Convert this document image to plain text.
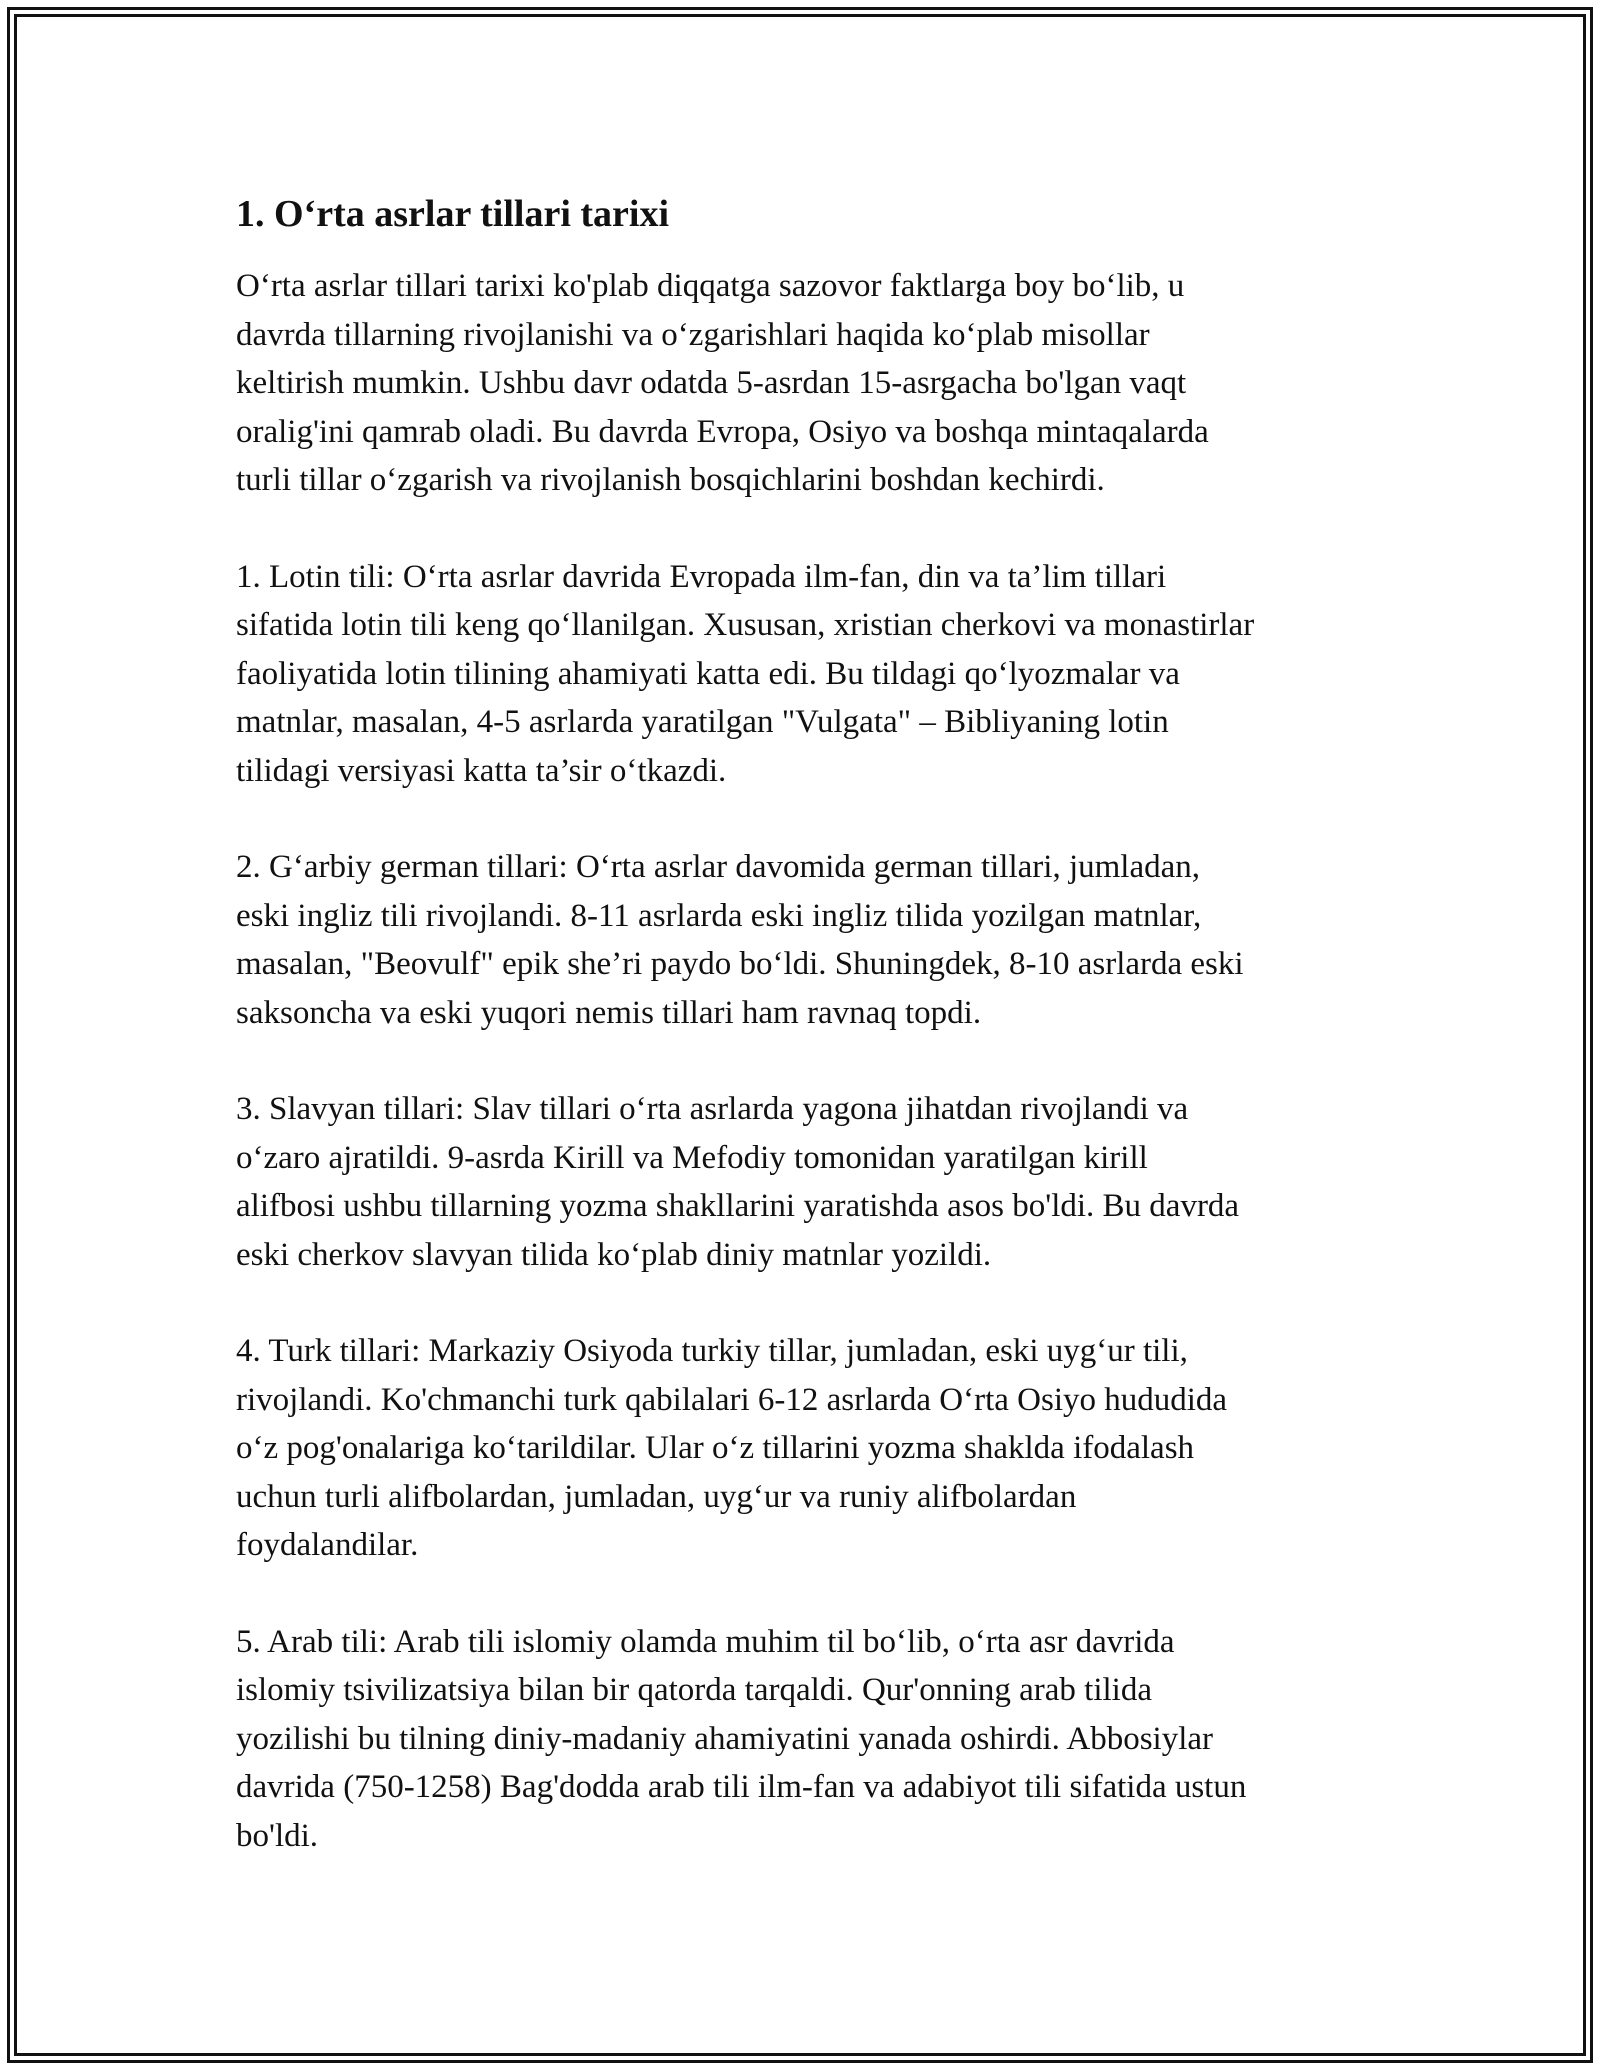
1. O‘rta asrlar tillari tarixi

O‘rta asrlar tillari tarixi ko'plab diqqatga sazovor faktlarga boy bo‘lib, u
davrda tillarning rivojlanishi va o‘zgarishlari haqida ko‘plab misollar
keltirish mumkin. Ushbu davr odatda 5-asrdan 15-asrgacha bo'lgan vaqt
oralig'ini qamrab oladi. Bu davrda Evropa, Osiyo va boshqa mintaqalarda
turli tillar o‘zgarish va rivojlanish bosqichlarini boshdan kechirdi.

1. Lotin tili: O‘rta asrlar davrida Evropada ilm-fan, din va ta’lim tillari
sifatida lotin tili keng qo‘llanilgan. Xususan, xristian cherkovi va monastirlar
faoliyatida lotin tilining ahamiyati katta edi. Bu tildagi qo‘lyozmalar va
matnlar, masalan, 4-5 asrlarda yaratilgan "Vulgata" – Bibliyaning lotin
tilidagi versiyasi katta ta’sir o‘tkazdi.

2. G‘arbiy german tillari: O‘rta asrlar davomida german tillari, jumladan,
eski ingliz tili rivojlandi. 8-11 asrlarda eski ingliz tilida yozilgan matnlar,
masalan, "Beovulf" epik she’ri paydo bo‘ldi. Shuningdek, 8-10 asrlarda eski
saksoncha va eski yuqori nemis tillari ham ravnaq topdi.

3. Slavyan tillari: Slav tillari o‘rta asrlarda yagona jihatdan rivojlandi va
o‘zaro ajratildi. 9-asrda Kirill va Mefodiy tomonidan yaratilgan kirill
alifbosi ushbu tillarning yozma shakllarini yaratishda asos bo'ldi. Bu davrda
eski cherkov slavyan tilida ko‘plab diniy matnlar yozildi.

4. Turk tillari: Markaziy Osiyoda turkiy tillar, jumladan, eski uyg‘ur tili,
rivojlandi. Ko'chmanchi turk qabilalari 6-12 asrlarda O‘rta Osiyo hududida
o‘z pog'onalariga ko‘tarildilar. Ular o‘z tillarini yozma shaklda ifodalash
uchun turli alifbolardan, jumladan, uyg‘ur va runiy alifbolardan
foydalandilar.

5. Arab tili: Arab tili islomiy olamda muhim til bo‘lib, o‘rta asr davrida
islomiy tsivilizatsiya bilan bir qatorda tarqaldi. Qur'onning arab tilida
yozilishi bu tilning diniy-madaniy ahamiyatini yanada oshirdi. Abbosiylar
davrida (750-1258) Bag'dodda arab tili ilm-fan va adabiyot tili sifatida ustun
bo'ldi.
